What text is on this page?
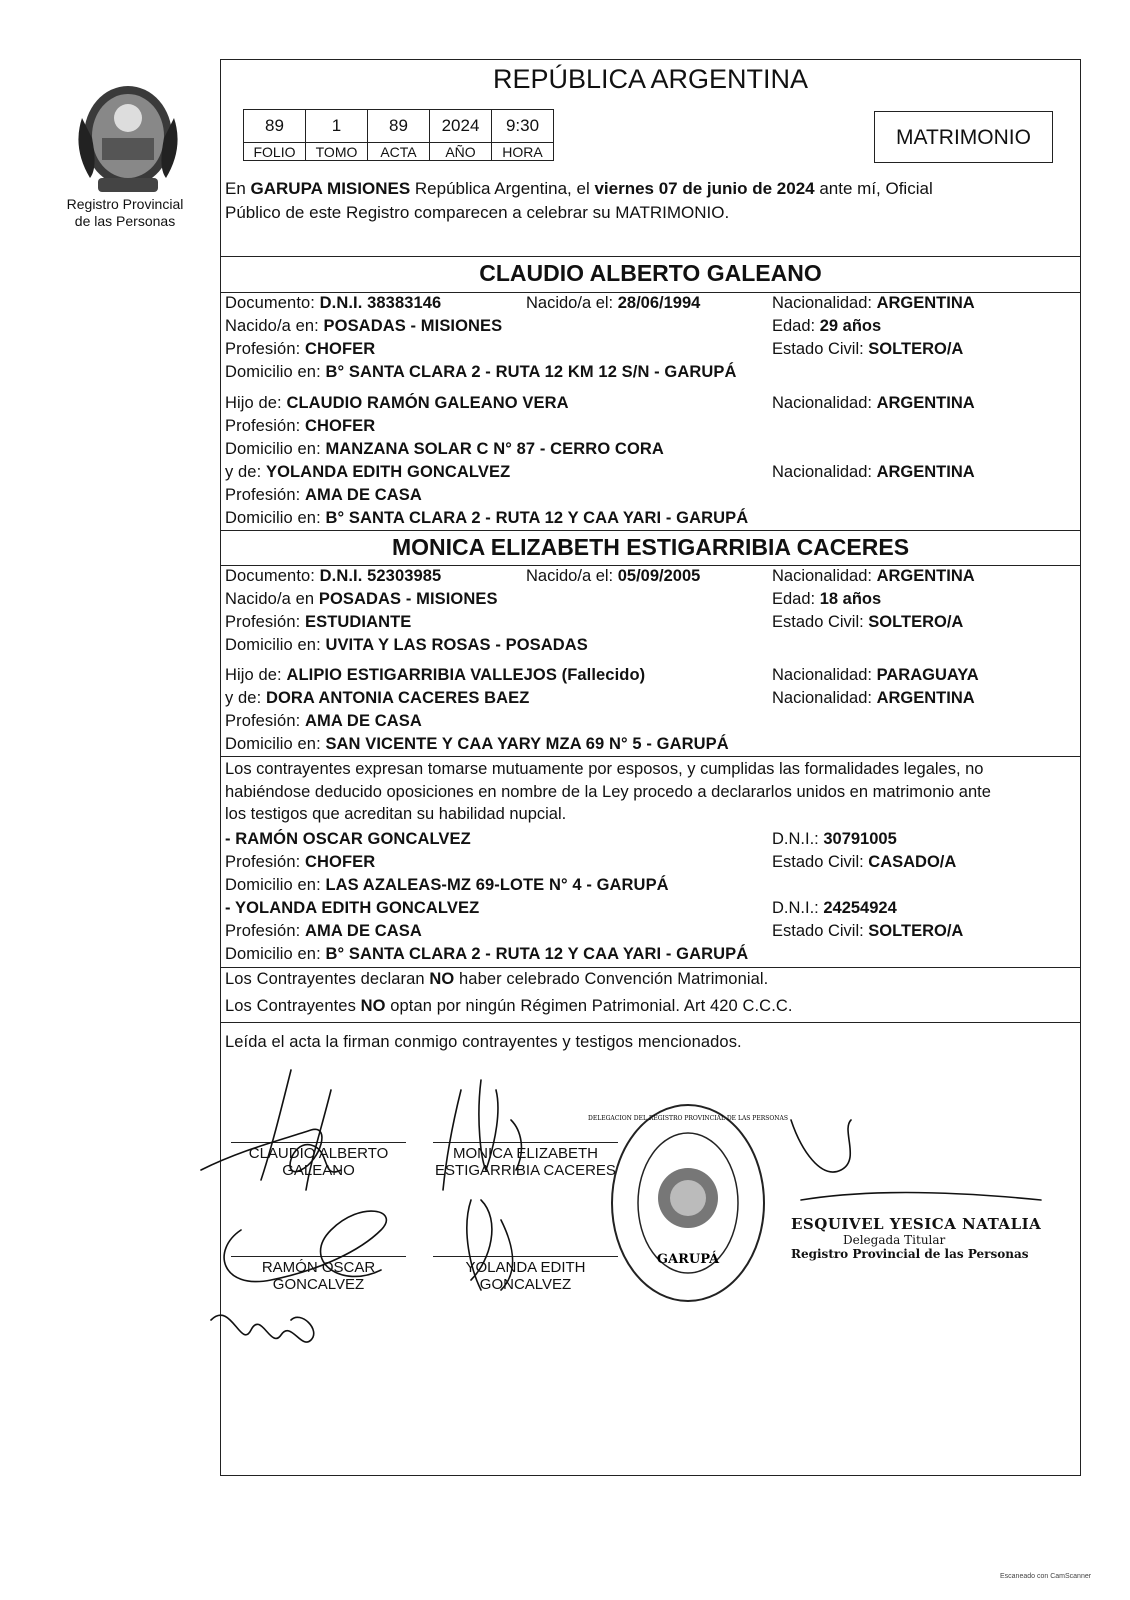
Registro Provincial
de las Personas
REPÚBLICA ARGENTINA
89	1	89	2024	9:30
FOLIO	TOMO	ACTA	AÑO	HORA
MATRIMONIO
En GARUPA MISIONES República Argentina, el viernes 07 de junio de 2024 ante mí, Oficial
Público de este Registro comparecen a celebrar su MATRIMONIO.
CLAUDIO ALBERTO GALEANO
Documento: D.N.I. 38383146	Nacido/a el: 28/06/1994	Nacionalidad: ARGENTINA
Nacido/a en: POSADAS - MISIONES	Edad: 29 años
Profesión: CHOFER	Estado Civil: SOLTERO/A
Domicilio en: B° SANTA CLARA 2 - RUTA 12 KM 12 S/N - GARUPÁ
Hijo de: CLAUDIO RAMÓN GALEANO VERA	Nacionalidad: ARGENTINA
Profesión: CHOFER
Domicilio en: MANZANA SOLAR C N° 87 - CERRO CORA
y de: YOLANDA EDITH GONCALVEZ	Nacionalidad: ARGENTINA
Profesión: AMA DE CASA
Domicilio en: B° SANTA CLARA 2 - RUTA 12 Y CAA YARI - GARUPÁ
MONICA ELIZABETH ESTIGARRIBIA CACERES
Documento: D.N.I. 52303985	Nacido/a el: 05/09/2005	Nacionalidad: ARGENTINA
Nacido/a en POSADAS - MISIONES	Edad: 18 años
Profesión: ESTUDIANTE	Estado Civil: SOLTERO/A
Domicilio en: UVITA Y LAS ROSAS - POSADAS
Hijo de: ALIPIO ESTIGARRIBIA VALLEJOS (Fallecido)	Nacionalidad: PARAGUAYA
y de: DORA ANTONIA CACERES BAEZ	Nacionalidad: ARGENTINA
Profesión: AMA DE CASA
Domicilio en: SAN VICENTE Y CAA YARY MZA 69 N° 5 - GARUPÁ
Los contrayentes expresan tomarse mutuamente por esposos, y cumplidas las formalidades legales, no
habiéndose deducido oposiciones en nombre de la Ley procedo a declararlos unidos en matrimonio ante
los testigos que acreditan su habilidad nupcial.
- RAMÓN OSCAR GONCALVEZ	D.N.I.: 30791005
Profesión: CHOFER	Estado Civil: CASADO/A
Domicilio en: LAS AZALEAS-MZ 69-LOTE N° 4 - GARUPÁ
- YOLANDA EDITH GONCALVEZ	D.N.I.: 24254924
Profesión: AMA DE CASA	Estado Civil: SOLTERO/A
Domicilio en: B° SANTA CLARA 2 - RUTA 12 Y CAA YARI - GARUPÁ
Los Contrayentes declaran NO haber celebrado Convención Matrimonial.
Los Contrayentes NO optan por ningún Régimen Patrimonial. Art 420 C.C.C.
Leída el acta la firman conmigo contrayentes y testigos mencionados.
CLAUDIO ALBERTO
GALEANO
MONICA ELIZABETH
ESTIGARRIBIA CACERES
RAMÓN OSCAR
GONCALVEZ
YOLANDA EDITH
GONCALVEZ
GARUPÁ
DELEGACION DEL REGISTRO PROVINCIAL DE LAS PERSONAS
ESQUIVEL YESICA NATALIA
Delegada Titular
Registro Provincial de las Personas
Escaneado con CamScanner
